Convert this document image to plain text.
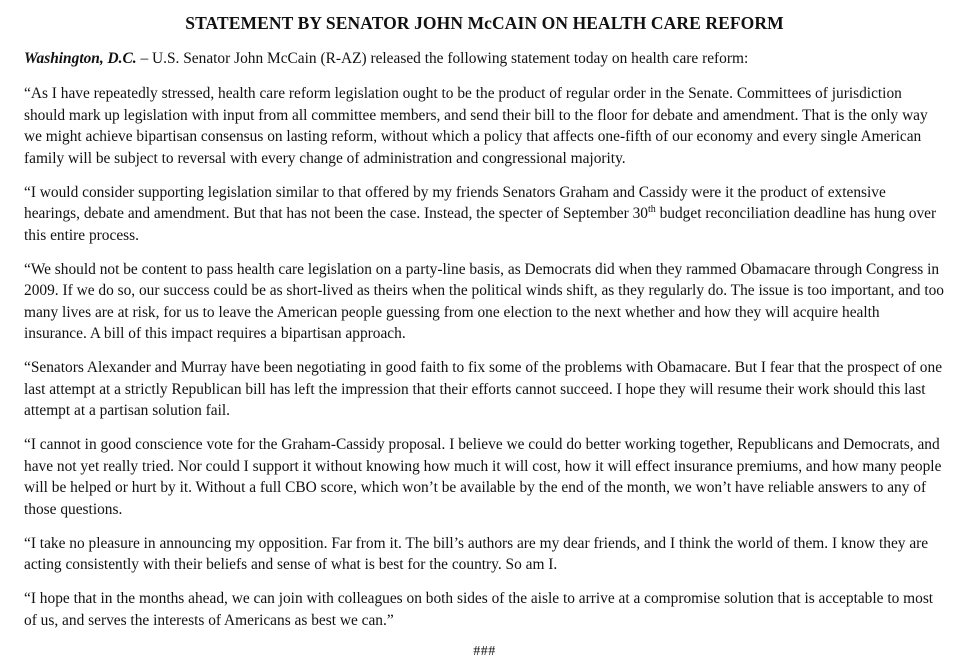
STATEMENT BY SENATOR JOHN McCAIN ON HEALTH CARE REFORM

Washington, D.C. – U.S. Senator John McCain (R-AZ) released the following statement today on health care reform:

“As I have repeatedly stressed, health care reform legislation ought to be the product of regular order in the Senate. Committees of jurisdiction should mark up legislation with input from all committee members, and send their bill to the floor for debate and amendment. That is the only way we might achieve bipartisan consensus on lasting reform, without which a policy that affects one-fifth of our economy and every single American family will be subject to reversal with every change of administration and congressional majority.

“I would consider supporting legislation similar to that offered by my friends Senators Graham and Cassidy were it the product of extensive hearings, debate and amendment. But that has not been the case. Instead, the specter of September 30th budget reconciliation deadline has hung over this entire process.

“We should not be content to pass health care legislation on a party-line basis, as Democrats did when they rammed Obamacare through Congress in 2009. If we do so, our success could be as short-lived as theirs when the political winds shift, as they regularly do. The issue is too important, and too many lives are at risk, for us to leave the American people guessing from one election to the next whether and how they will acquire health insurance. A bill of this impact requires a bipartisan approach.

“Senators Alexander and Murray have been negotiating in good faith to fix some of the problems with Obamacare. But I fear that the prospect of one last attempt at a strictly Republican bill has left the impression that their efforts cannot succeed. I hope they will resume their work should this last attempt at a partisan solution fail.

“I cannot in good conscience vote for the Graham-Cassidy proposal. I believe we could do better working together, Republicans and Democrats, and have not yet really tried. Nor could I support it without knowing how much it will cost, how it will effect insurance premiums, and how many people will be helped or hurt by it. Without a full CBO score, which won’t be available by the end of the month, we won’t have reliable answers to any of those questions.

“I take no pleasure in announcing my opposition. Far from it. The bill’s authors are my dear friends, and I think the world of them. I know they are acting consistently with their beliefs and sense of what is best for the country. So am I.

“I hope that in the months ahead, we can join with colleagues on both sides of the aisle to arrive at a compromise solution that is acceptable to most of us, and serves the interests of Americans as best we can.”

###
